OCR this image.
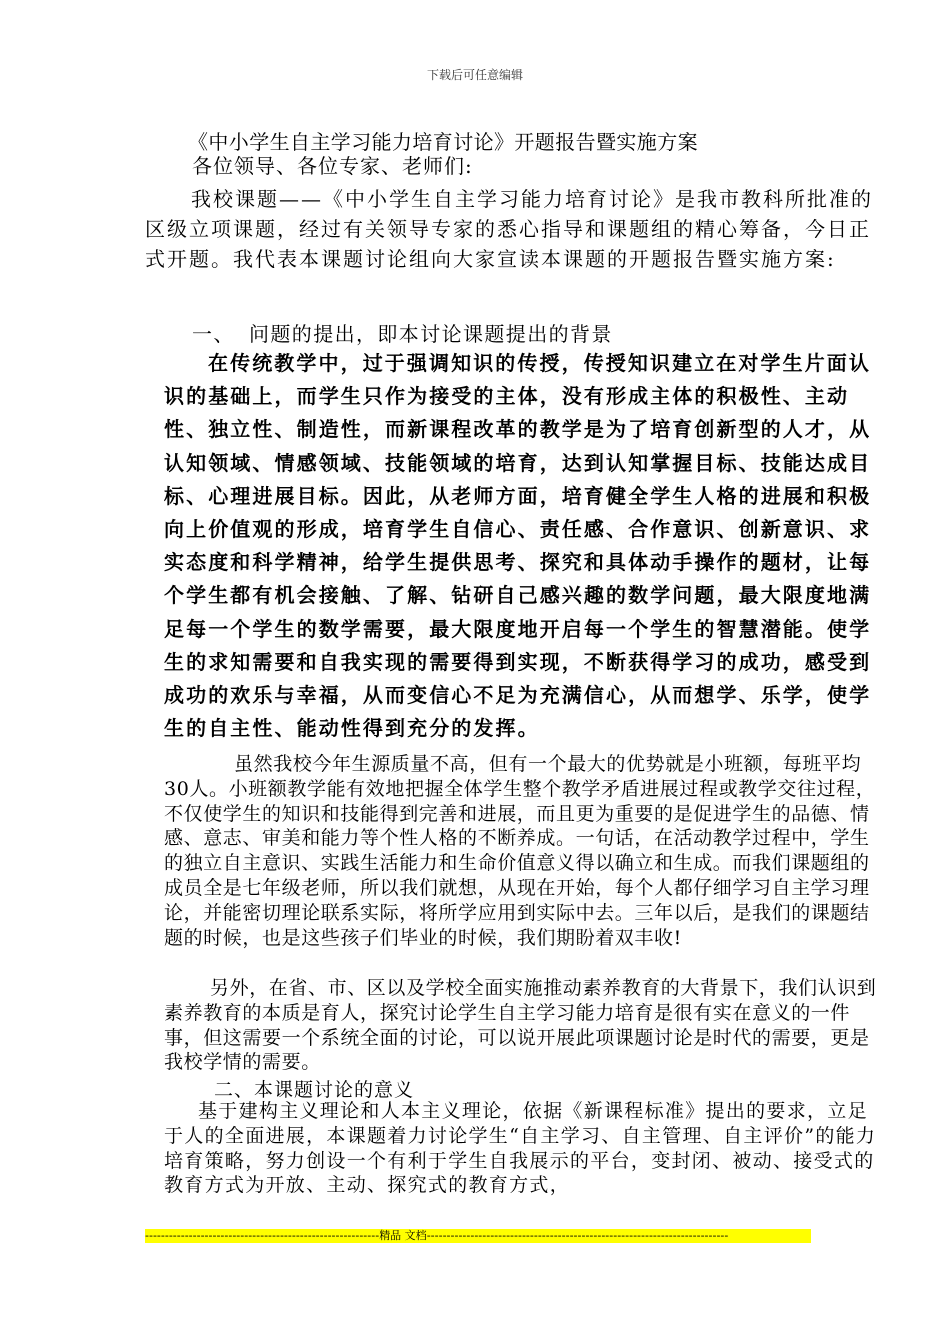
下载后可任意编辑
《中小学生自主学习能力培育讨论》开题报告暨实施方案

各位领导、各位专家、老师们:

我校课题——《中小学生自主学习能力培育讨论》是我市教科所批准的区级立项课题，经过有关领导专家的悉心指导和课题组的精心筹备，今日正式开题。我代表本课题讨论组向大家宣读本课题的开题报告暨实施方案:

一、 问题的提出，即本讨论课题提出的背景

在传统教学中，过于强调知识的传授，传授知识建立在对学生片面认识的基础上，而学生只作为接受的主体，没有形成主体的积极性、主动性、独立性、制造性，而新课程改革的教学是为了培育创新型的人才，从认知领域、情感领域、技能领域的培育，达到认知掌握目标、技能达成目标、心理进展目标。因此，从老师方面，培育健全学生人格的进展和积极向上价值观的形成，培育学生自信心、责任感、合作意识、创新意识、求实态度和科学精神，给学生提供思考、探究和具体动手操作的题材，让每个学生都有机会接触、了解、钻研自己感兴趣的数学问题，最大限度地满足每一个学生的数学需要，最大限度地开启每一个学生的智慧潜能。使学生的求知需要和自我实现的需要得到实现，不断获得学习的成功，感受到成功的欢乐与幸福，从而变信心不足为充满信心，从而想学、乐学，使学生的自主性、能动性得到充分的发挥。

虽然我校今年生源质量不高，但有一个最大的优势就是小班额，每班平均30人。小班额教学能有效地把握全体学生整个教学矛盾进展过程或教学交往过程，不仅使学生的知识和技能得到完善和进展，而且更为重要的是促进学生的品德、情感、意志、审美和能力等个性人格的不断养成。一句话，在活动教学过程中，学生的独立自主意识、实践生活能力和生命价值意义得以确立和生成。而我们课题组的成员全是七年级老师，所以我们就想，从现在开始，每个人都仔细学习自主学习理论，并能密切理论联系实际，将所学应用到实际中去。三年以后，是我们的课题结题的时候，也是这些孩子们毕业的时候，我们期盼着双丰收!

另外，在省、市、区以及学校全面实施推动素养教育的大背景下，我们认识到素养教育的本质是育人，探究讨论学生自主学习能力培育是很有实在意义的一件事，但这需要一个系统全面的讨论，可以说开展此项课题讨论是时代的需要，更是我校学情的需要。

二、本课题讨论的意义

基于建构主义理论和人本主义理论，依据《新课程标准》提出的要求，立足于人的全面进展，本课题着力讨论学生“自主学习、自主管理、自主评价”的能力培育策略，努力创设一个有利于学生自我展示的平台，变封闭、被动、接受式的教育方式为开放、主动、探究式的教育方式，

-----------------------------------------------------------精品 文档----------------------------------------------------------------------------
